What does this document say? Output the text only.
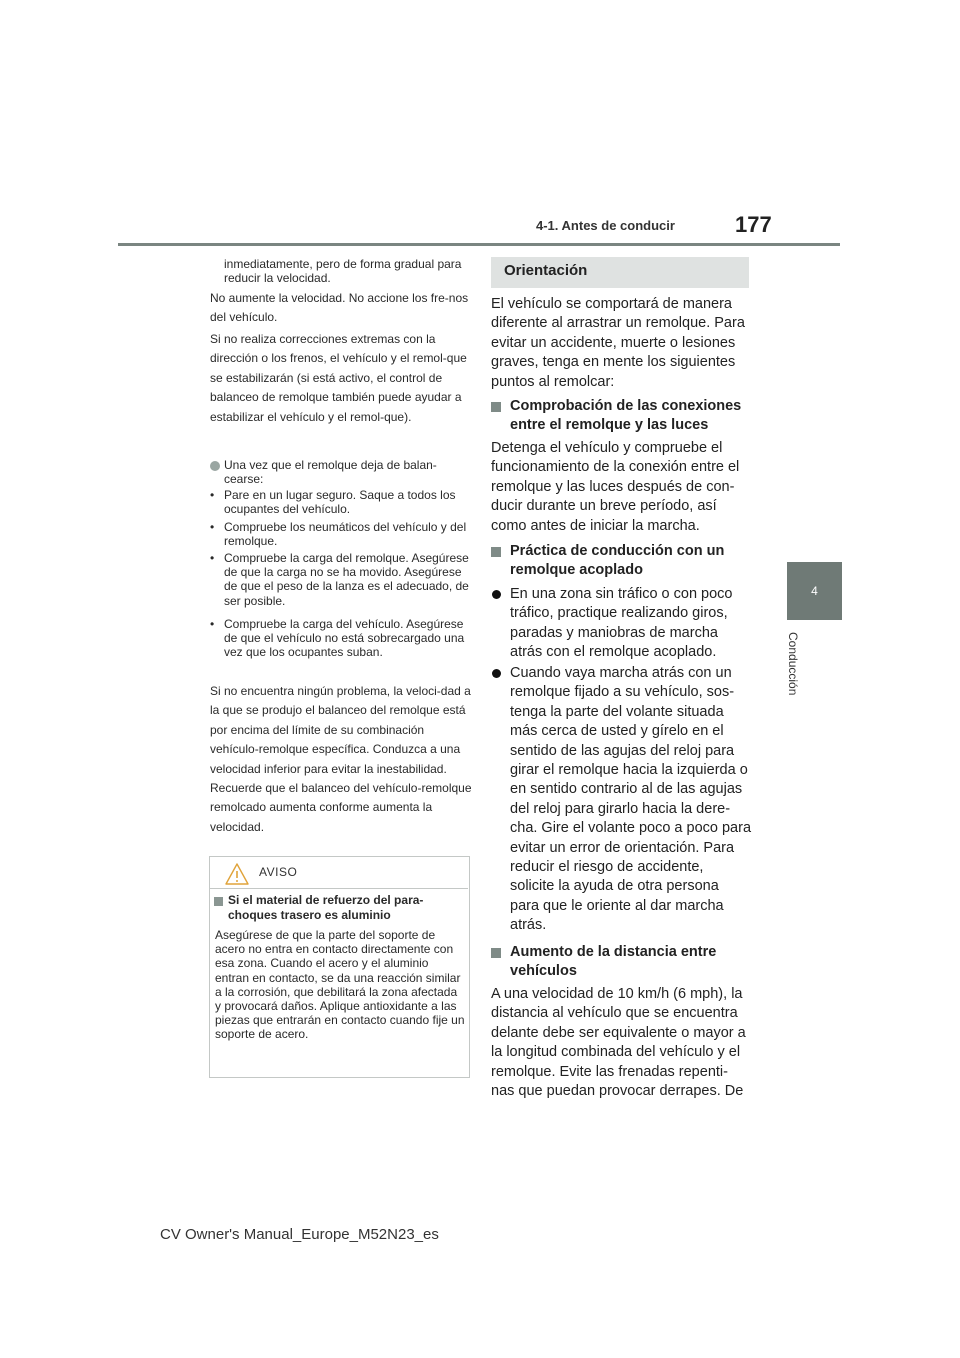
4-1. Antes de conducir	177
4
Conducción
inmediatamente, pero de forma gradual para reducir la velocidad.
No aumente la velocidad. No accione los fre-nos del vehículo.
Si no realiza correcciones extremas con la dirección o los frenos, el vehículo y el remol-que se estabilizarán (si está activo, el control de balanceo de remolque también puede ayudar a estabilizar el vehículo y el remol-que).
Una vez que el remolque deja de balan-cearse:
• Pare en un lugar seguro. Saque a todos los ocupantes del vehículo.
• Compruebe los neumáticos del vehículo y del remolque.
• Compruebe la carga del remolque. Asegúrese de que la carga no se ha movido. Asegúrese de que el peso de la lanza es el adecuado, de ser posible.
• Compruebe la carga del vehículo. Asegúrese de que el vehículo no está sobrecargado una vez que los ocupantes suban.
Si no encuentra ningún problema, la veloci-dad a la que se produjo el balanceo del remolque está por encima del límite de su combinación vehículo-remolque específica. Conduzca a una velocidad inferior para evitar la inestabilidad. Recuerde que el balanceo del vehículo-remolque remolcado aumenta conforme aumenta la velocidad.
AVISO
Si el material de refuerzo del para-choques trasero es aluminio
Asegúrese de que la parte del soporte de acero no entra en contacto directamente con esa zona. Cuando el acero y el aluminio entran en contacto, se da una reacción similar a la corrosión, que debilitará la zona afectada y provocará daños. Aplique antioxidante a las piezas que entrarán en contacto cuando fije un soporte de acero.
Orientación
El vehículo se comportará de manera diferente al arrastrar un remolque. Para evitar un accidente, muerte o lesiones graves, tenga en mente los siguientes puntos al remolcar:
Comprobación de las conexiones entre el remolque y las luces
Detenga el vehículo y compruebe el funcionamiento de la conexión entre el remolque y las luces después de con-ducir durante un breve período, así como antes de iniciar la marcha.
Práctica de conducción con un remolque acoplado
En una zona sin tráfico o con poco tráfico, practique realizando giros, paradas y maniobras de marcha atrás con el remolque acoplado.
Cuando vaya marcha atrás con un remolque fijado a su vehículo, sos-tenga la parte del volante situada más cerca de usted y gírelo en el sentido de las agujas del reloj para girar el remolque hacia la izquierda o en sentido contrario al de las agujas del reloj para girarlo hacia la dere-cha. Gire el volante poco a poco para evitar un error de orientación. Para reducir el riesgo de accidente, solicite la ayuda de otra persona para que le oriente al dar marcha atrás.
Aumento de la distancia entre vehículos
A una velocidad de 10 km/h (6 mph), la distancia al vehículo que se encuentra delante debe ser equivalente o mayor a la longitud combinada del vehículo y el remolque. Evite las frenadas repenti-nas que puedan provocar derrapes. De
CV Owner's Manual_Europe_M52N23_es
